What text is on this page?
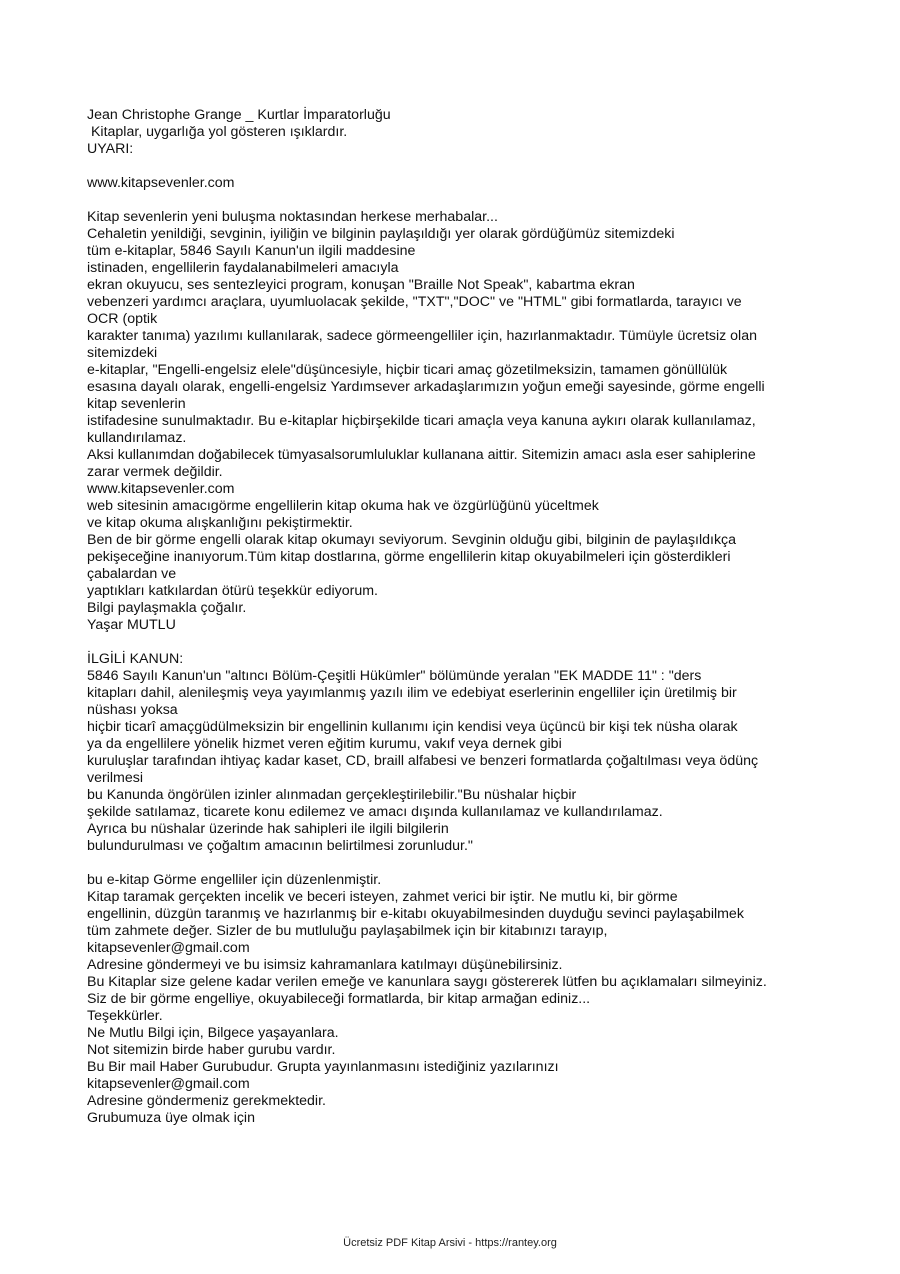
Jean Christophe Grange _ Kurtlar İmparatorluğu
Kitaplar, uygarlığa yol gösteren ışıklardır.
UYARI:
www.kitapsevenler.com
Kitap sevenlerin yeni buluşma noktasından herkese merhabalar...
Cehaletin yenildiği, sevginin, iyiliğin ve bilginin paylaşıldığı yer olarak gördüğümüz sitemizdeki
tüm e-kitaplar, 5846 Sayılı Kanun'un ilgili maddesine
istinaden, engellilerin faydalanabilmeleri amacıyla
ekran okuyucu, ses sentezleyici program, konuşan "Braille Not Speak", kabartma ekran
vebenzeri yardımcı araçlara, uyumluolacak şekilde, "TXT","DOC" ve "HTML" gibi formatlarda, tarayıcı ve
OCR (optik
karakter tanıma) yazılımı kullanılarak, sadece görmeengelliler için, hazırlanmaktadır. Tümüyle ücretsiz olan
sitemizdeki
e-kitaplar, "Engelli-engelsiz elele"düşüncesiyle, hiçbir ticari amaç gözetilmeksizin, tamamen gönüllülük
esasına dayalı olarak, engelli-engelsiz Yardımsever arkadaşlarımızın yoğun emeği sayesinde, görme engelli
kitap sevenlerin
istifadesine sunulmaktadır. Bu e-kitaplar hiçbirşekilde ticari amaçla veya kanuna aykırı olarak kullanılamaz,
kullandırılamaz.
Aksi kullanımdan doğabilecek tümyasalsorumluluklar kullanana aittir. Sitemizin amacı asla eser sahiplerine
zarar vermek değildir.
www.kitapsevenler.com
web sitesinin amacıgörme engellilerin kitap okuma hak ve özgürlüğünü yüceltmek
ve kitap okuma alışkanlığını pekiştirmektir.
Ben de bir görme engelli olarak kitap okumayı seviyorum. Sevginin olduğu gibi, bilginin de paylaşıldıkça
pekişeceğine inanıyorum.Tüm kitap dostlarına, görme engellilerin kitap okuyabilmeleri için gösterdikleri
çabalardan ve
yaptıkları katkılardan ötürü teşekkür ediyorum.
Bilgi paylaşmakla çoğalır.
Yaşar MUTLU
İLGİLİ KANUN:
5846 Sayılı Kanun'un "altıncı Bölüm-Çeşitli Hükümler" bölümünde yeralan "EK MADDE 11" : "ders
kitapları dahil, alenileşmiş veya yayımlanmış yazılı ilim ve edebiyat eserlerinin engelliler için üretilmiş bir
nüshası yoksa
hiçbir ticarî amaçgüdülmeksizin bir engellinin kullanımı için kendisi veya üçüncü bir kişi tek nüsha olarak
ya da engellilere yönelik hizmet veren eğitim kurumu, vakıf veya dernek gibi
kuruluşlar tarafından ihtiyaç kadar kaset, CD, braill alfabesi ve benzeri formatlarda çoğaltılması veya ödünç
verilmesi
bu Kanunda öngörülen izinler alınmadan gerçekleştirilebilir."Bu nüshalar hiçbir
şekilde satılamaz, ticarete konu edilemez ve amacı dışında kullanılamaz ve kullandırılamaz.
Ayrıca bu nüshalar üzerinde hak sahipleri ile ilgili bilgilerin
bulundurulması ve çoğaltım amacının belirtilmesi zorunludur."
bu e-kitap Görme engelliler için düzenlenmiştir.
Kitap taramak gerçekten incelik ve beceri isteyen, zahmet verici bir iştir. Ne mutlu ki, bir görme
engellinin, düzgün taranmış ve hazırlanmış bir e-kitabı okuyabilmesinden duyduğu sevinci paylaşabilmek
tüm zahmete değer. Sizler de bu mutluluğu paylaşabilmek için bir kitabınızı tarayıp,
kitapsevenler@gmail.com
Adresine göndermeyi ve bu isimsiz kahramanlara katılmayı düşünebilirsiniz.
Bu Kitaplar size gelene kadar verilen emeğe ve kanunlara saygı göstererek lütfen bu açıklamaları silmeyiniz.
Siz de bir görme engelliye, okuyabileceği formatlarda, bir kitap armağan ediniz...
Teşekkürler.
Ne Mutlu Bilgi için, Bilgece yaşayanlara.
Not sitemizin birde haber gurubu vardır.
Bu Bir mail Haber Gurubudur. Grupta yayınlanmasını istediğiniz yazılarınızı
kitapsevenler@gmail.com
Adresine göndermeniz gerekmektedir.
Grubumuza üye olmak için
Ücretsiz PDF Kitap Arsivi - https://rantey.org
